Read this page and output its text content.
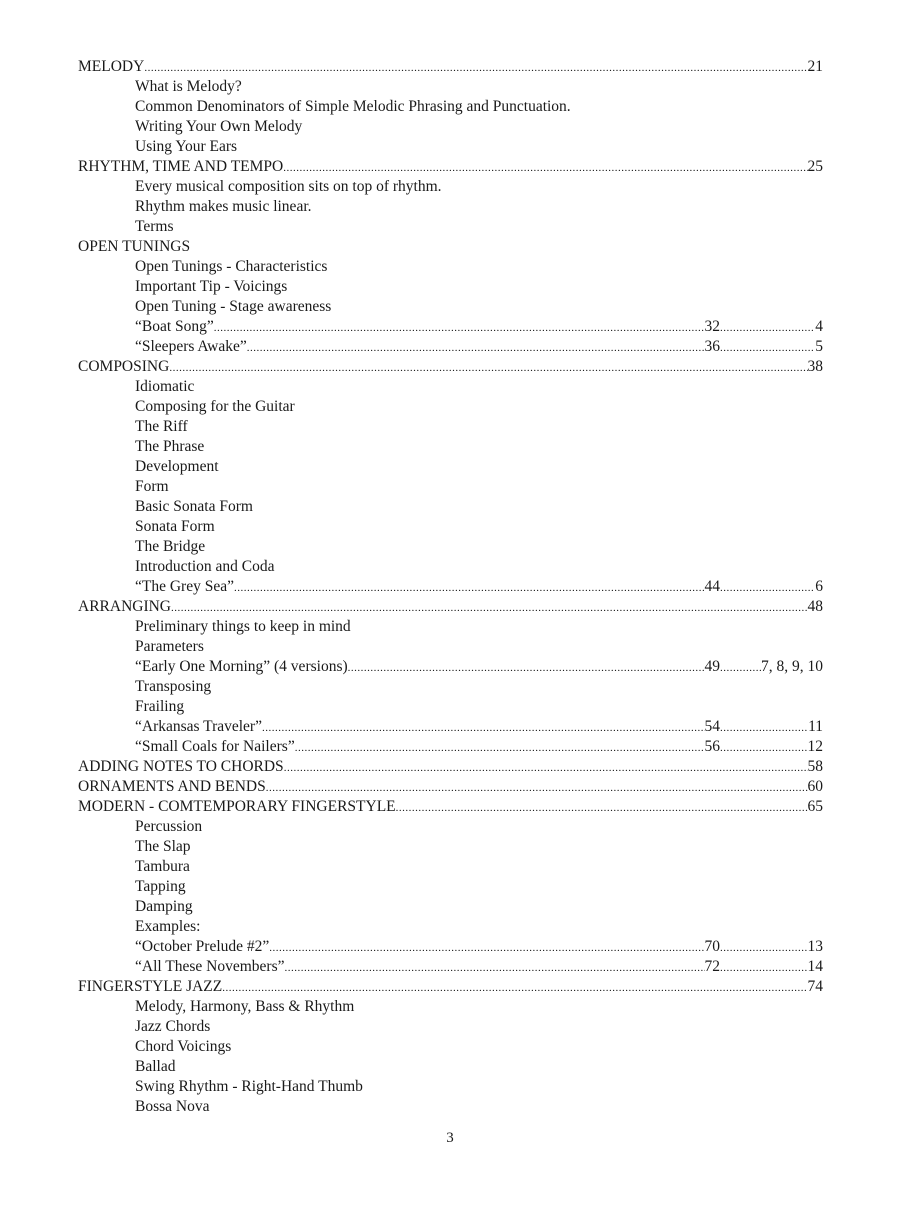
MELODY .....	21
What is Melody?
Common Denominators of Simple Melodic Phrasing and Punctuation.
Writing Your Own Melody
Using Your Ears
RHYTHM, TIME AND TEMPO .....	25
Every musical composition sits on top of rhythm.
Rhythm makes music linear.
Terms
OPEN TUNINGS
Open Tunings - Characteristics
Important Tip - Voicings
Open Tuning - Stage awareness
“Boat Song” .....	32 .....	4
“Sleepers Awake” .....	36 .....	5
COMPOSING .....	38
Idiomatic
Composing for the Guitar
The Riff
The Phrase
Development
Form
Basic Sonata Form
Sonata Form
The Bridge
Introduction and Coda
“The Grey Sea” .....	44 .....	6
ARRANGING .....	48
Preliminary things to keep in mind
Parameters
“Early One Morning” (4 versions) .....	49 .....	7, 8, 9, 10
Transposing
Frailing
“Arkansas Traveler” .....	54 .....	11
“Small Coals for Nailers” .....	56 .....	12
ADDING NOTES TO CHORDS .....	58
ORNAMENTS AND BENDS .....	60
MODERN - COMTEMPORARY FINGERSTYLE .....	65
Percussion
The Slap
Tambura
Tapping
Damping
Examples:
“October Prelude #2” .....	70 .....	13
“All These Novembers” .....	72 .....	14
FINGERSTYLE JAZZ .....	74
Melody, Harmony, Bass & Rhythm
Jazz Chords
Chord Voicings
Ballad
Swing Rhythm - Right-Hand Thumb
Bossa Nova
3
